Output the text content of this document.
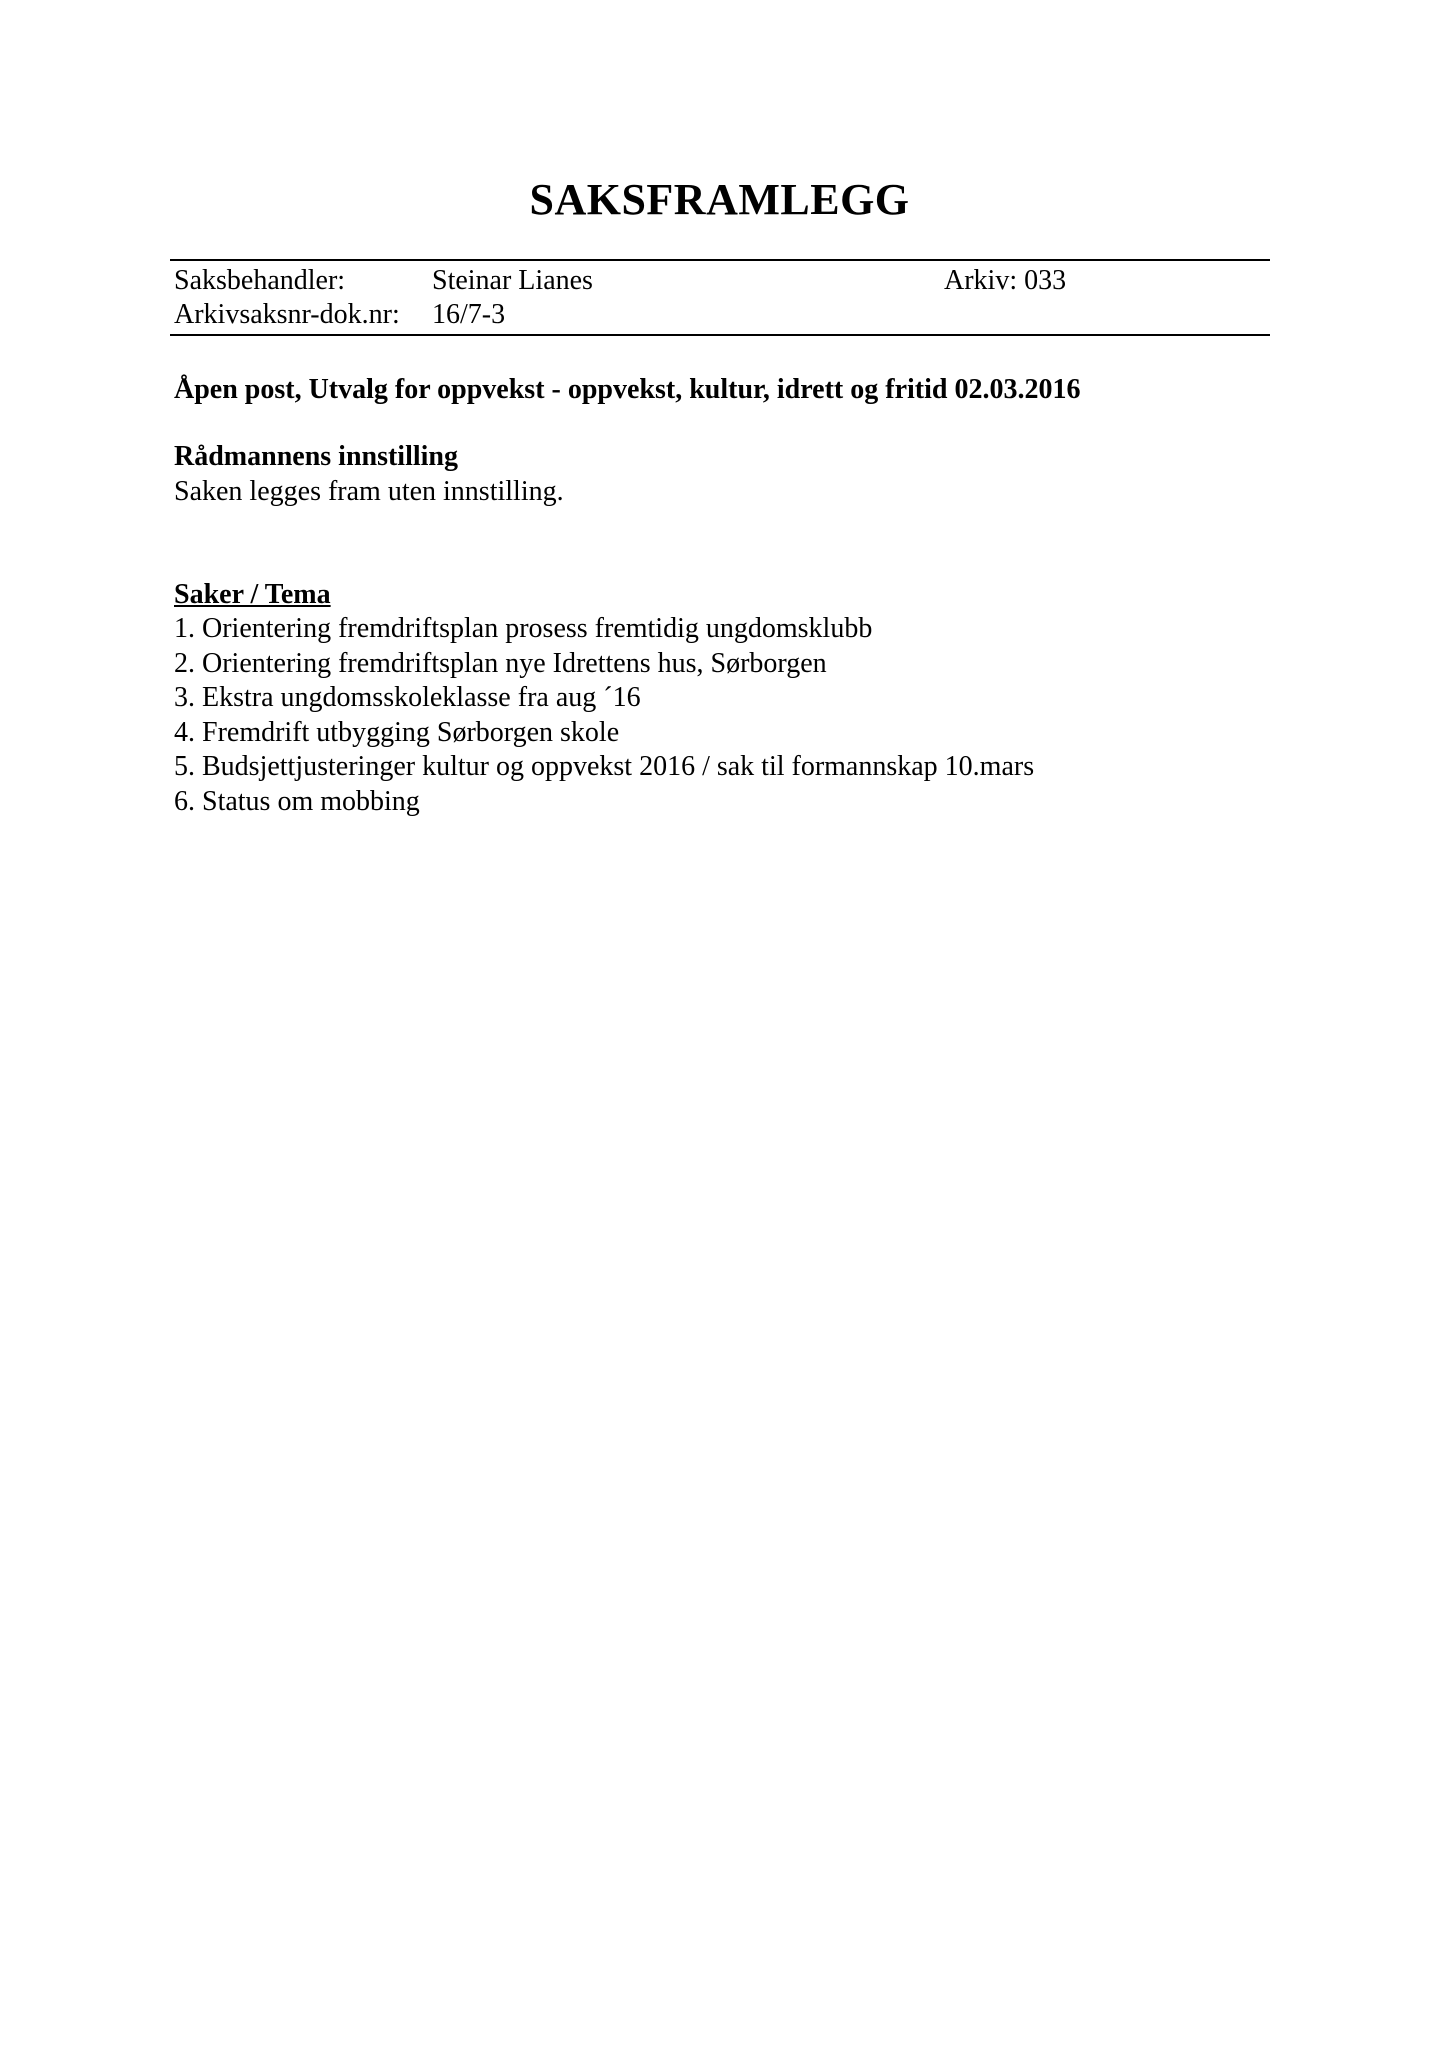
SAKSFRAMLEGG
Saksbehandler:	Steinar Lianes	Arkiv: 033
Arkivsaksnr-dok.nr: 16/7-3
Åpen post, Utvalg for oppvekst - oppvekst, kultur, idrett og fritid 02.03.2016
Rådmannens innstilling
Saken legges fram uten innstilling.
Saker / Tema
1. Orientering fremdriftsplan prosess fremtidig ungdomsklubb
2. Orientering fremdriftsplan nye Idrettens hus, Sørborgen
3. Ekstra ungdomsskoleklasse fra aug ´16
4. Fremdrift utbygging Sørborgen skole
5. Budsjettjusteringer kultur og oppvekst 2016 / sak til formannskap 10.mars
6. Status om mobbing
